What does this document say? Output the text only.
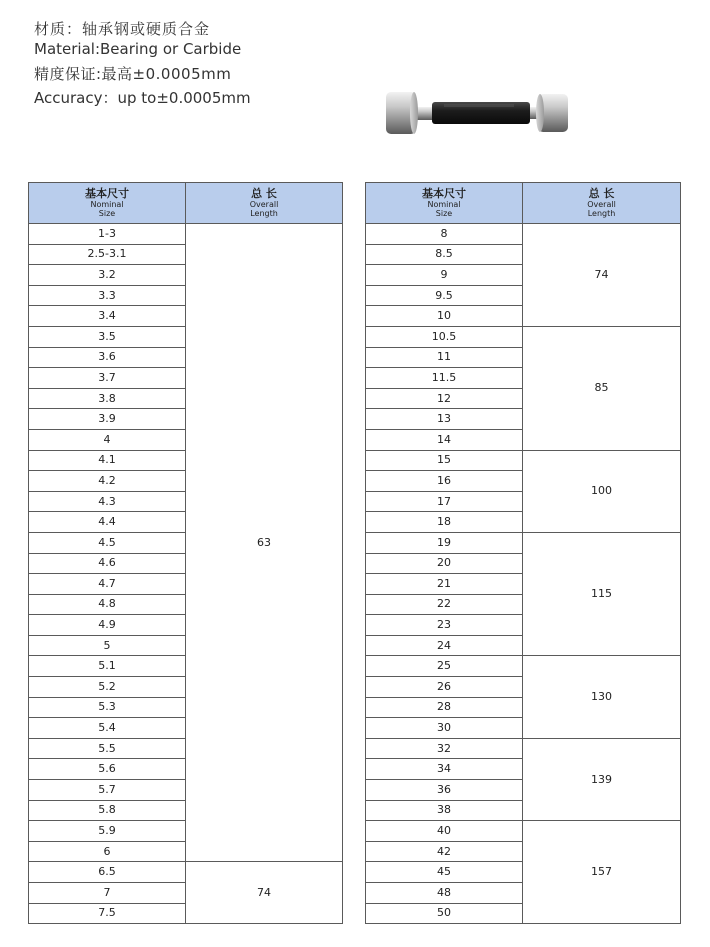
材质：轴承钢或硬质合金
Material:Bearing or Carbide
精度保证:最高±0.0005mm
Accuracy：up to±0.0005mm
基本尺寸
Nominal
Size	总 长
Overall
Length

1-3	63
2.5-3.1	
3.2	
3.3	
3.4	
3.5	
3.6	
3.7	
3.8	
3.9	
4	
4.1	
4.2	
4.3	
4.4	
4.5	
4.6	
4.7	
4.8	
4.9	
5	
5.1	
5.2	
5.3	
5.4	
5.5	
5.6	
5.7	
5.8	
5.9	
6	
6.5	74
7	
7.5	
基本尺寸
Nominal
Size	总 长
Overall
Length

8	74
8.5	
9	
9.5	
10	
10.5	85
11	
11.5	
12	
13	
14	
15	100
16	
17	
18	
19	115
20	
21	
22	
23	
24	
25	130
26	
28	
30	
32	139
34	
36	
38	
40	157
42	
45	
48	
50	
